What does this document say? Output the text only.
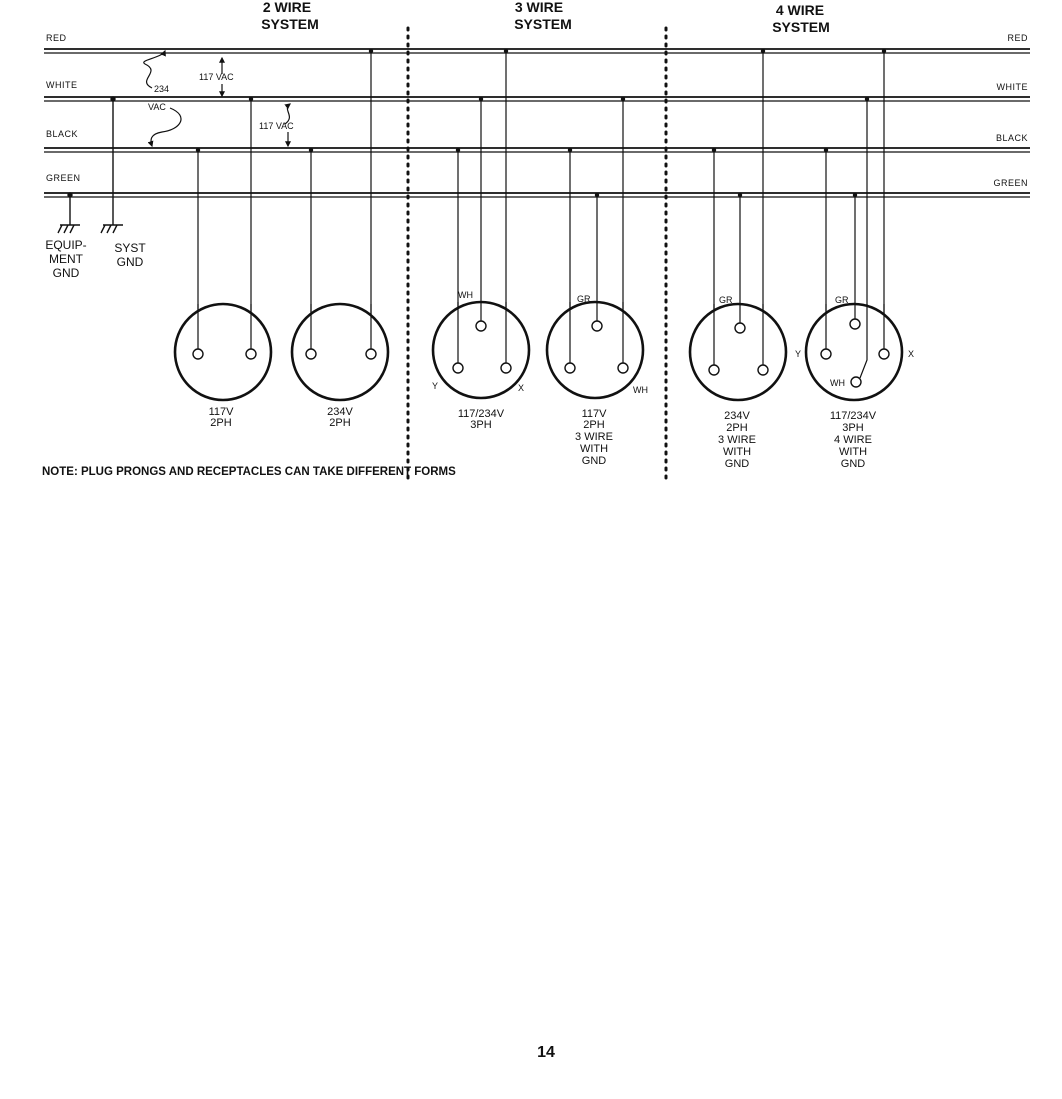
2 WIRE
SYSTEM
3 WIRE
SYSTEM
4 WIRE
SYSTEM
RED	RED
WHITE	WHITE
BLACK	BLACK
GREEN	GREEN
234
VAC
117 VAC
117 VAC
EQUIP-
MENT
GND
SYST
GND
WH
Y	X
GR
WH
GR	GR
Y	X
WH
117V
2PH
234V
2PH
117/234V
3PH
117V
2PH
3 WIRE
WITH
GND
234V
2PH
3 WIRE
WITH
GND
117/234V
3PH
4 WIRE
WITH
GND
NOTE: PLUG PRONGS AND RECEPTACLES CAN TAKE DIFFERENT FORMS
14
